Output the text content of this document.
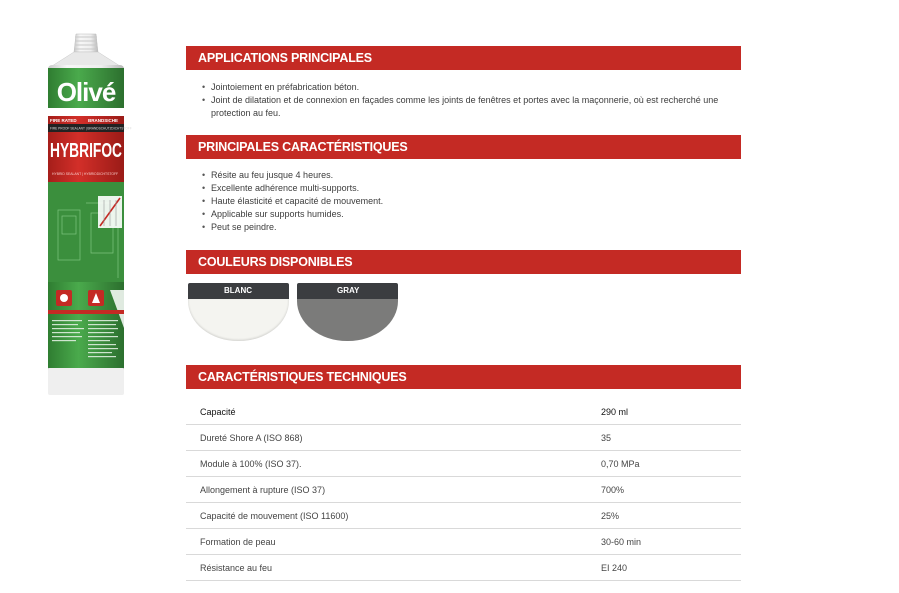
Olivé
FIRE RATED	BRANDSICHE
FIRE PROOF SEALANT | BRANDSCHUTZDICHTSTOFF
HYBRIFOC
HYBRID SEALANT | HYBRIDDICHTSTOFF
APPLICATIONS PRINCIPALES
• Jointoiement en préfabrication béton.
• Joint de dilatation et de connexion en façades comme les joints de fenêtres et portes avec la maçonnerie, où est recherché une protection au feu.
PRINCIPALES CARACTÉRISTIQUES
• Résite au feu jusque 4 heures.
• Excellente adhérence multi-supports.
• Haute élasticité et capacité de mouvement.
• Applicable sur supports humides.
• Peut se peindre.
COULEURS DISPONIBLES
BLANC	GRAY
CARACTÉRISTIQUES TECHNIQUES
Capacité	290 ml
Dureté Shore A (ISO 868)	35
Module à 100% (ISO 37).	0,70 MPa
Allongement à rupture (ISO 37)	700%
Capacité de mouvement (ISO 11600)	25%
Formation de peau	30-60 min
Résistance au feu	EI 240
